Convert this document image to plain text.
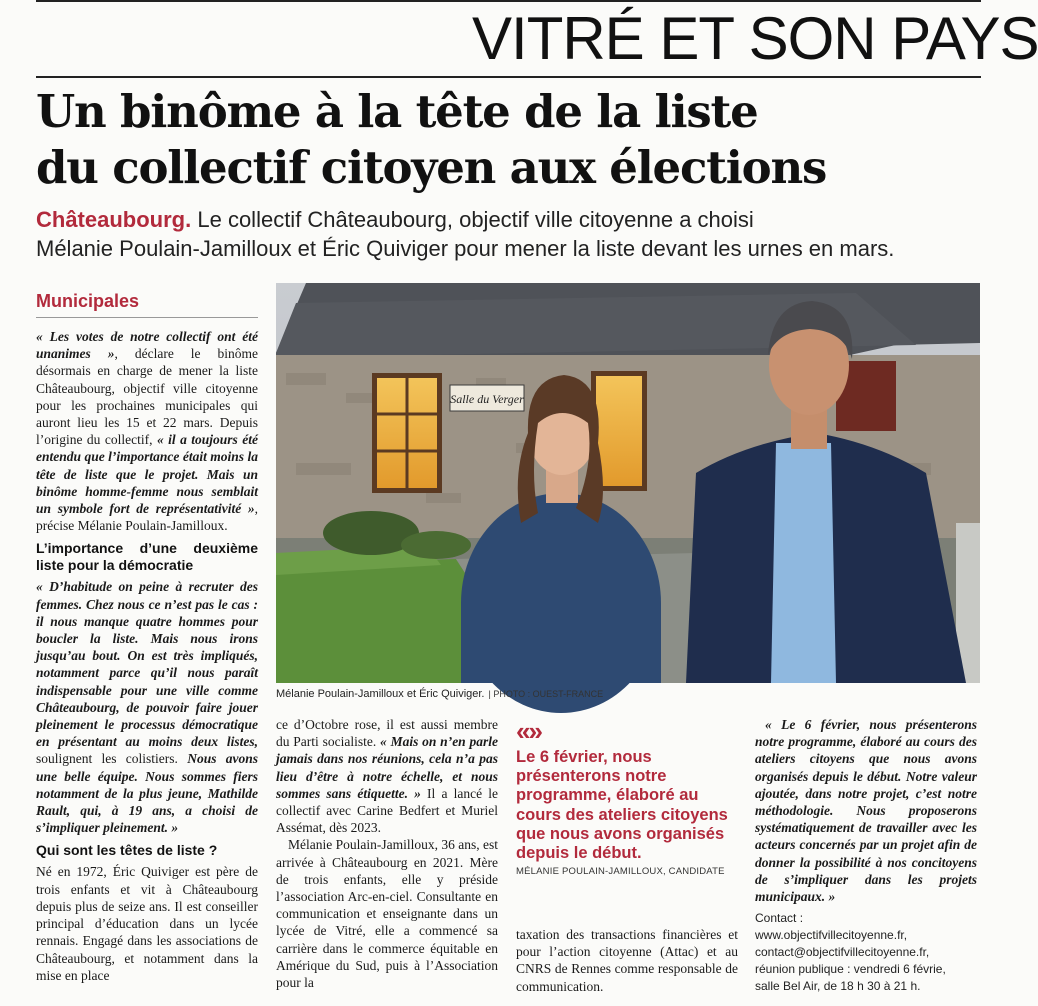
VITRÉ ET SON PAYS
Un binôme à la tête de la liste
du collectif citoyen aux élections
Châteaubourg. Le collectif Châteaubourg, objectif ville citoyenne a choisi
Mélanie Poulain-Jamilloux et Éric Quiviger pour mener la liste devant les urnes en mars.
Municipales

« Les votes de notre collectif ont été unanimes », déclare le binôme désormais en charge de mener la liste Châteaubourg, objectif ville citoyenne pour les prochaines municipales qui auront lieu les 15 et 22 mars. Depuis l’origine du collectif, « il a toujours été entendu que l’importance était moins la tête de liste que le projet. Mais un binôme homme-femme nous semblait un symbole fort de représentativité », précise Mélanie Poulain-Jamilloux.

L’importance d’une deuxième liste pour la démocratie

« D’habitude on peine à recruter des femmes. Chez nous ce n’est pas le cas : il nous manque quatre hommes pour boucler la liste. Mais nous irons jusqu’au bout. On est très impliqués, notamment parce qu’il nous paraît indispensable pour une ville comme Châteaubourg, de pouvoir faire jouer pleinement le processus démocratique en présentant au moins deux listes, soulignent les colistiers. Nous avons une belle équipe. Nous sommes fiers notamment de la plus jeune, Mathilde Rault, qui, à 19 ans, a choisi de s’impliquer pleinement. »

Qui sont les têtes de liste ?

Né en 1972, Éric Quiviger est père de trois enfants et vit à Châteaubourg depuis plus de seize ans. Il est conseiller principal d’éducation dans un lycée rennais. Engagé dans les associations de Châteaubourg, et notamment dans la mise en place

Salle du Verger
Mélanie Poulain-Jamilloux et Éric Quiviger. | PHOTO : OUEST-FRANCE

ce d’Octobre rose, il est aussi membre du Parti socialiste. « Mais on n’en parle jamais dans nos réunions, cela n’a pas lieu d’être à notre échelle, et nous sommes sans étiquette. » Il a lancé le collectif avec Carine Bedfert et Muriel Assémat, dès 2023.

Mélanie Poulain-Jamilloux, 36 ans, est arrivée à Châteaubourg en 2021. Mère de trois enfants, elle y préside l’association Arc-en-ciel. Consultante en communication et enseignante dans un lycée de Vitré, elle a commencé sa carrière dans le commerce équitable en Amérique du Sud, puis à l’Association pour la

«»
Le 6 février, nous présenterons notre programme, élaboré au cours des ateliers citoyens que nous avons organisés depuis le début.
MÉLANIE POULAIN-JAMILLOUX, CANDIDATE

taxation des transactions financières et pour l’action citoyenne (Attac) et au CNRS de Rennes comme responsable de communication.

« Le 6 février, nous présenterons notre programme, élaboré au cours des ateliers citoyens que nous avons organisés depuis le début. Notre valeur ajoutée, dans notre projet, c’est notre méthodologie. Nous proposerons systématiquement de travailler avec les acteurs concernés par un projet afin de donner la possibilité à nos concitoyens de s’impliquer dans les projets municipaux. »

Contact :
www.objectifvillecitoyenne.fr,
contact@objectifvillecitoyenne.fr,
réunion publique : vendredi 6 févrie,
salle Bel Air, de 18 h 30 à 21 h.
